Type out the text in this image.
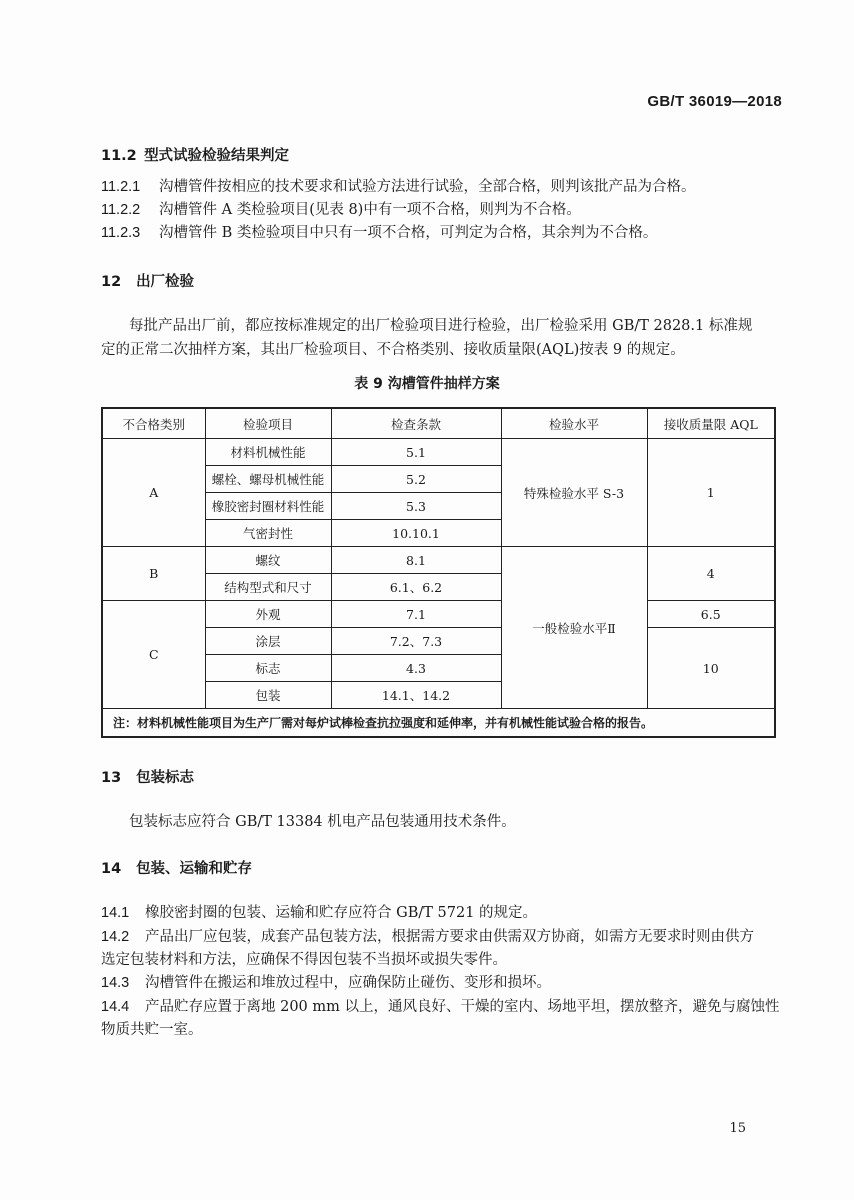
GB/T 36019—2018
11.2 型式试验检验结果判定
11.2.1 沟槽管件按相应的技术要求和试验方法进行试验，全部合格，则判该批产品为合格。
11.2.2 沟槽管件 A 类检验项目(见表 8)中有一项不合格，则判为不合格。
11.2.3 沟槽管件 B 类检验项目中只有一项不合格，可判定为合格，其余判为不合格。
12 出厂检验
每批产品出厂前，都应按标准规定的出厂检验项目进行检验，出厂检验采用 GB/T 2828.1 标准规
定的正常二次抽样方案，其出厂检验项目、不合格类别、接收质量限(AQL)按表 9 的规定。
表 9 沟槽管件抽样方案
不合格类别	检验项目	检查条款	检验水平	接收质量限 AQL
A	材料机械性能	5.1	特殊检验水平 S-3	1
	螺栓、螺母机械性能	5.2		
	橡胶密封圈材料性能	5.3		
	气密封性	10.10.1		
B	螺纹	8.1	一般检验水平Ⅱ	4
	结构型式和尺寸	6.1、6.2		
C	外观	7.1		6.5
	涂层	7.2、7.3		10
	标志	4.3		
	包装	14.1、14.2		
注：材料机械性能项目为生产厂需对每炉试棒检查抗拉强度和延伸率，并有机械性能试验合格的报告。				
13 包装标志
包装标志应符合 GB/T 13384 机电产品包装通用技术条件。
14 包装、运输和贮存
14.1 橡胶密封圈的包装、运输和贮存应符合 GB/T 5721 的规定。
14.2 产品出厂应包装，成套产品包装方法，根据需方要求由供需双方协商，如需方无要求时则由供方
选定包装材料和方法，应确保不得因包装不当损坏或损失零件。
14.3 沟槽管件在搬运和堆放过程中，应确保防止碰伤、变形和损坏。
14.4 产品贮存应置于离地 200 mm 以上，通风良好、干燥的室内、场地平坦，摆放整齐，避免与腐蚀性
物质共贮一室。
15
